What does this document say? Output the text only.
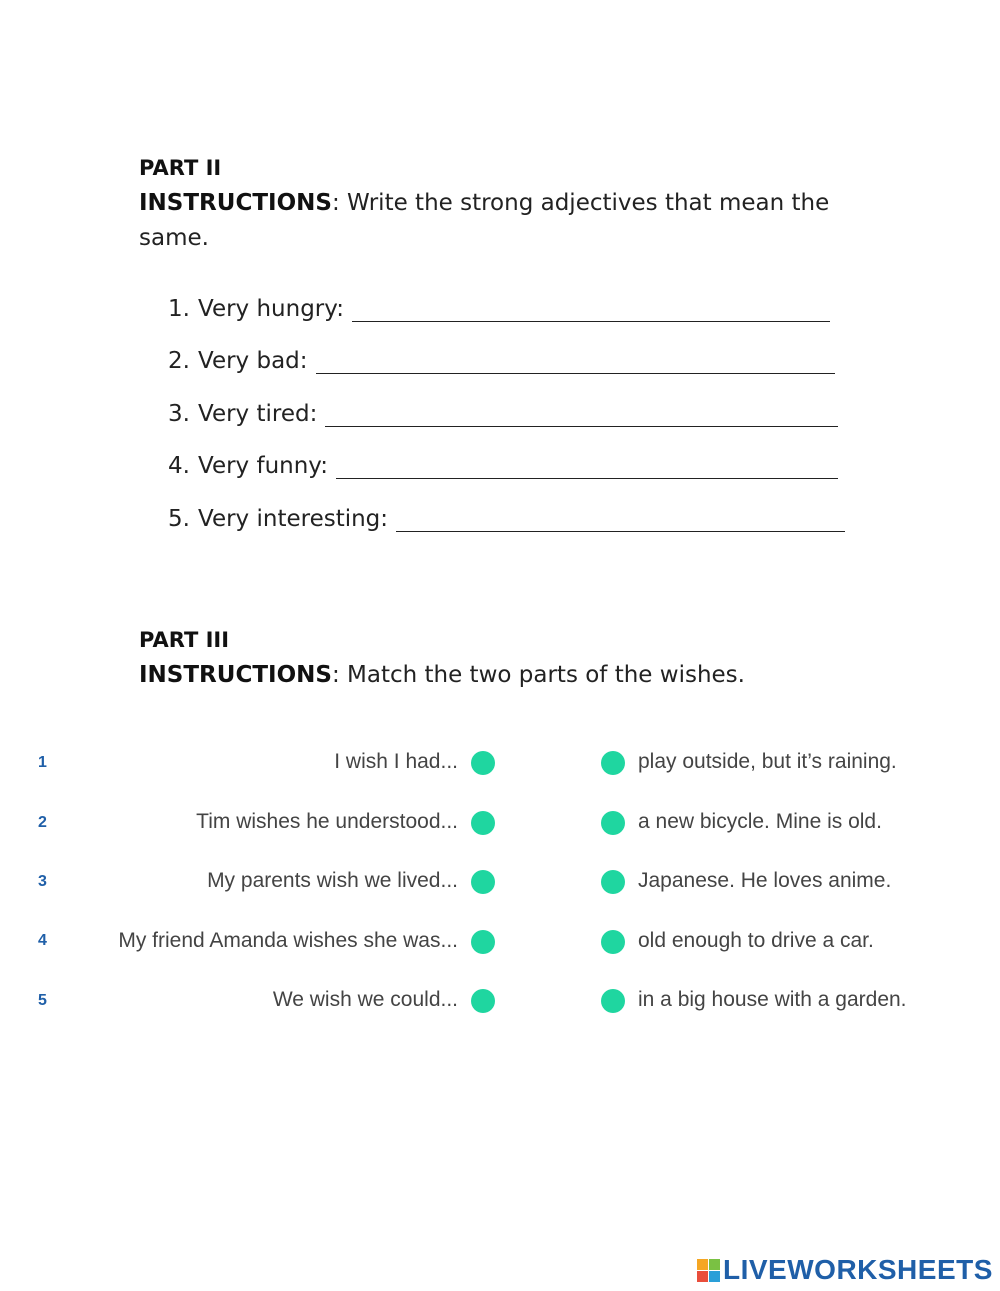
PART II
INSTRUCTIONS: Write the strong adjectives that mean the same.
1. Very hungry:
2. Very bad:
3. Very tired:
4. Very funny:
5. Very interesting:
PART III
INSTRUCTIONS: Match the two parts of the wishes.
1	I wish I had...	play outside, but it’s raining.
2	Tim wishes he understood...	a new bicycle. Mine is old.
3	My parents wish we lived...	Japanese. He loves anime.
4	My friend Amanda wishes she was...	old enough to drive a car.
5	We wish we could...	in a big house with a garden.
LIVEWORKSHEETS
